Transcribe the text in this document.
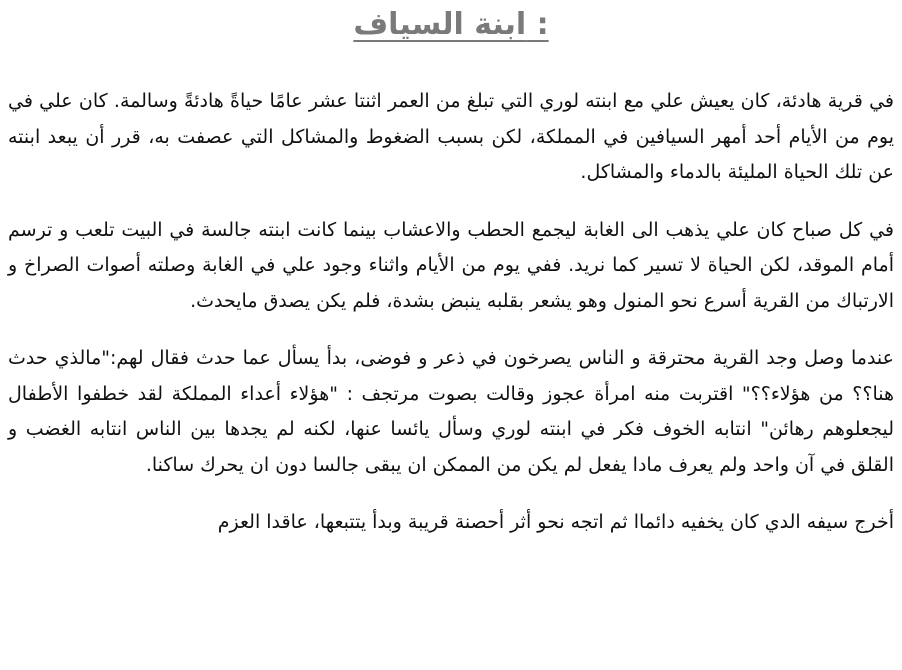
ابنة السياف :

في قرية هادئة، كان يعيش علي مع ابنته لوري التي تبلغ من العمر اثنتا عشر عامًا حياةً هادئةً وسالمة. كان علي في يوم من الأيام أحد أمهر السيافين في المملكة، لكن بسبب الضغوط والمشاكل التي عصفت به، قرر أن يبعد ابنته عن تلك الحياة المليئة بالدماء والمشاكل.

في كل صباح كان علي يذهب الى الغابة ليجمع الحطب والاعشاب بينما كانت ابنته جالسة في البيت تلعب و ترسم أمام الموقد، لكن الحياة لا تسير كما نريد. ففي يوم من الأيام واثناء وجود علي في الغابة وصلته أصوات الصراخ و الارتباك من القرية أسرع نحو المنول وهو يشعر بقلبه ينبض بشدة، فلم يكن يصدق مايحدث.

عندما وصل وجد القرية محترقة و الناس يصرخون في ذعر و فوضى، بدأ يسأل عما حدث فقال لهم:"مالذي حدث هنا؟؟ من هؤلاء؟؟" اقتربت منه امرأة عجوز وقالت بصوت مرتجف : "هؤلاء أعداء المملكة لقد خطفوا الأطفال ليجعلوهم رهائن" انتابه الخوف فكر في ابنته لوري وسأل يائسا عنها، لكنه لم يجدها بين الناس انتابه الغضب و القلق في آن واحد ولم يعرف مادا يفعل لم يكن من الممكن ان يبقى جالسا دون ان يحرك ساكنا.

أخرج سيفه الدي كان يخفيه دائماا ثم اتجه نحو أثر أحصنة قريبة وبدأ يتتبعها، عاقدا العزم
